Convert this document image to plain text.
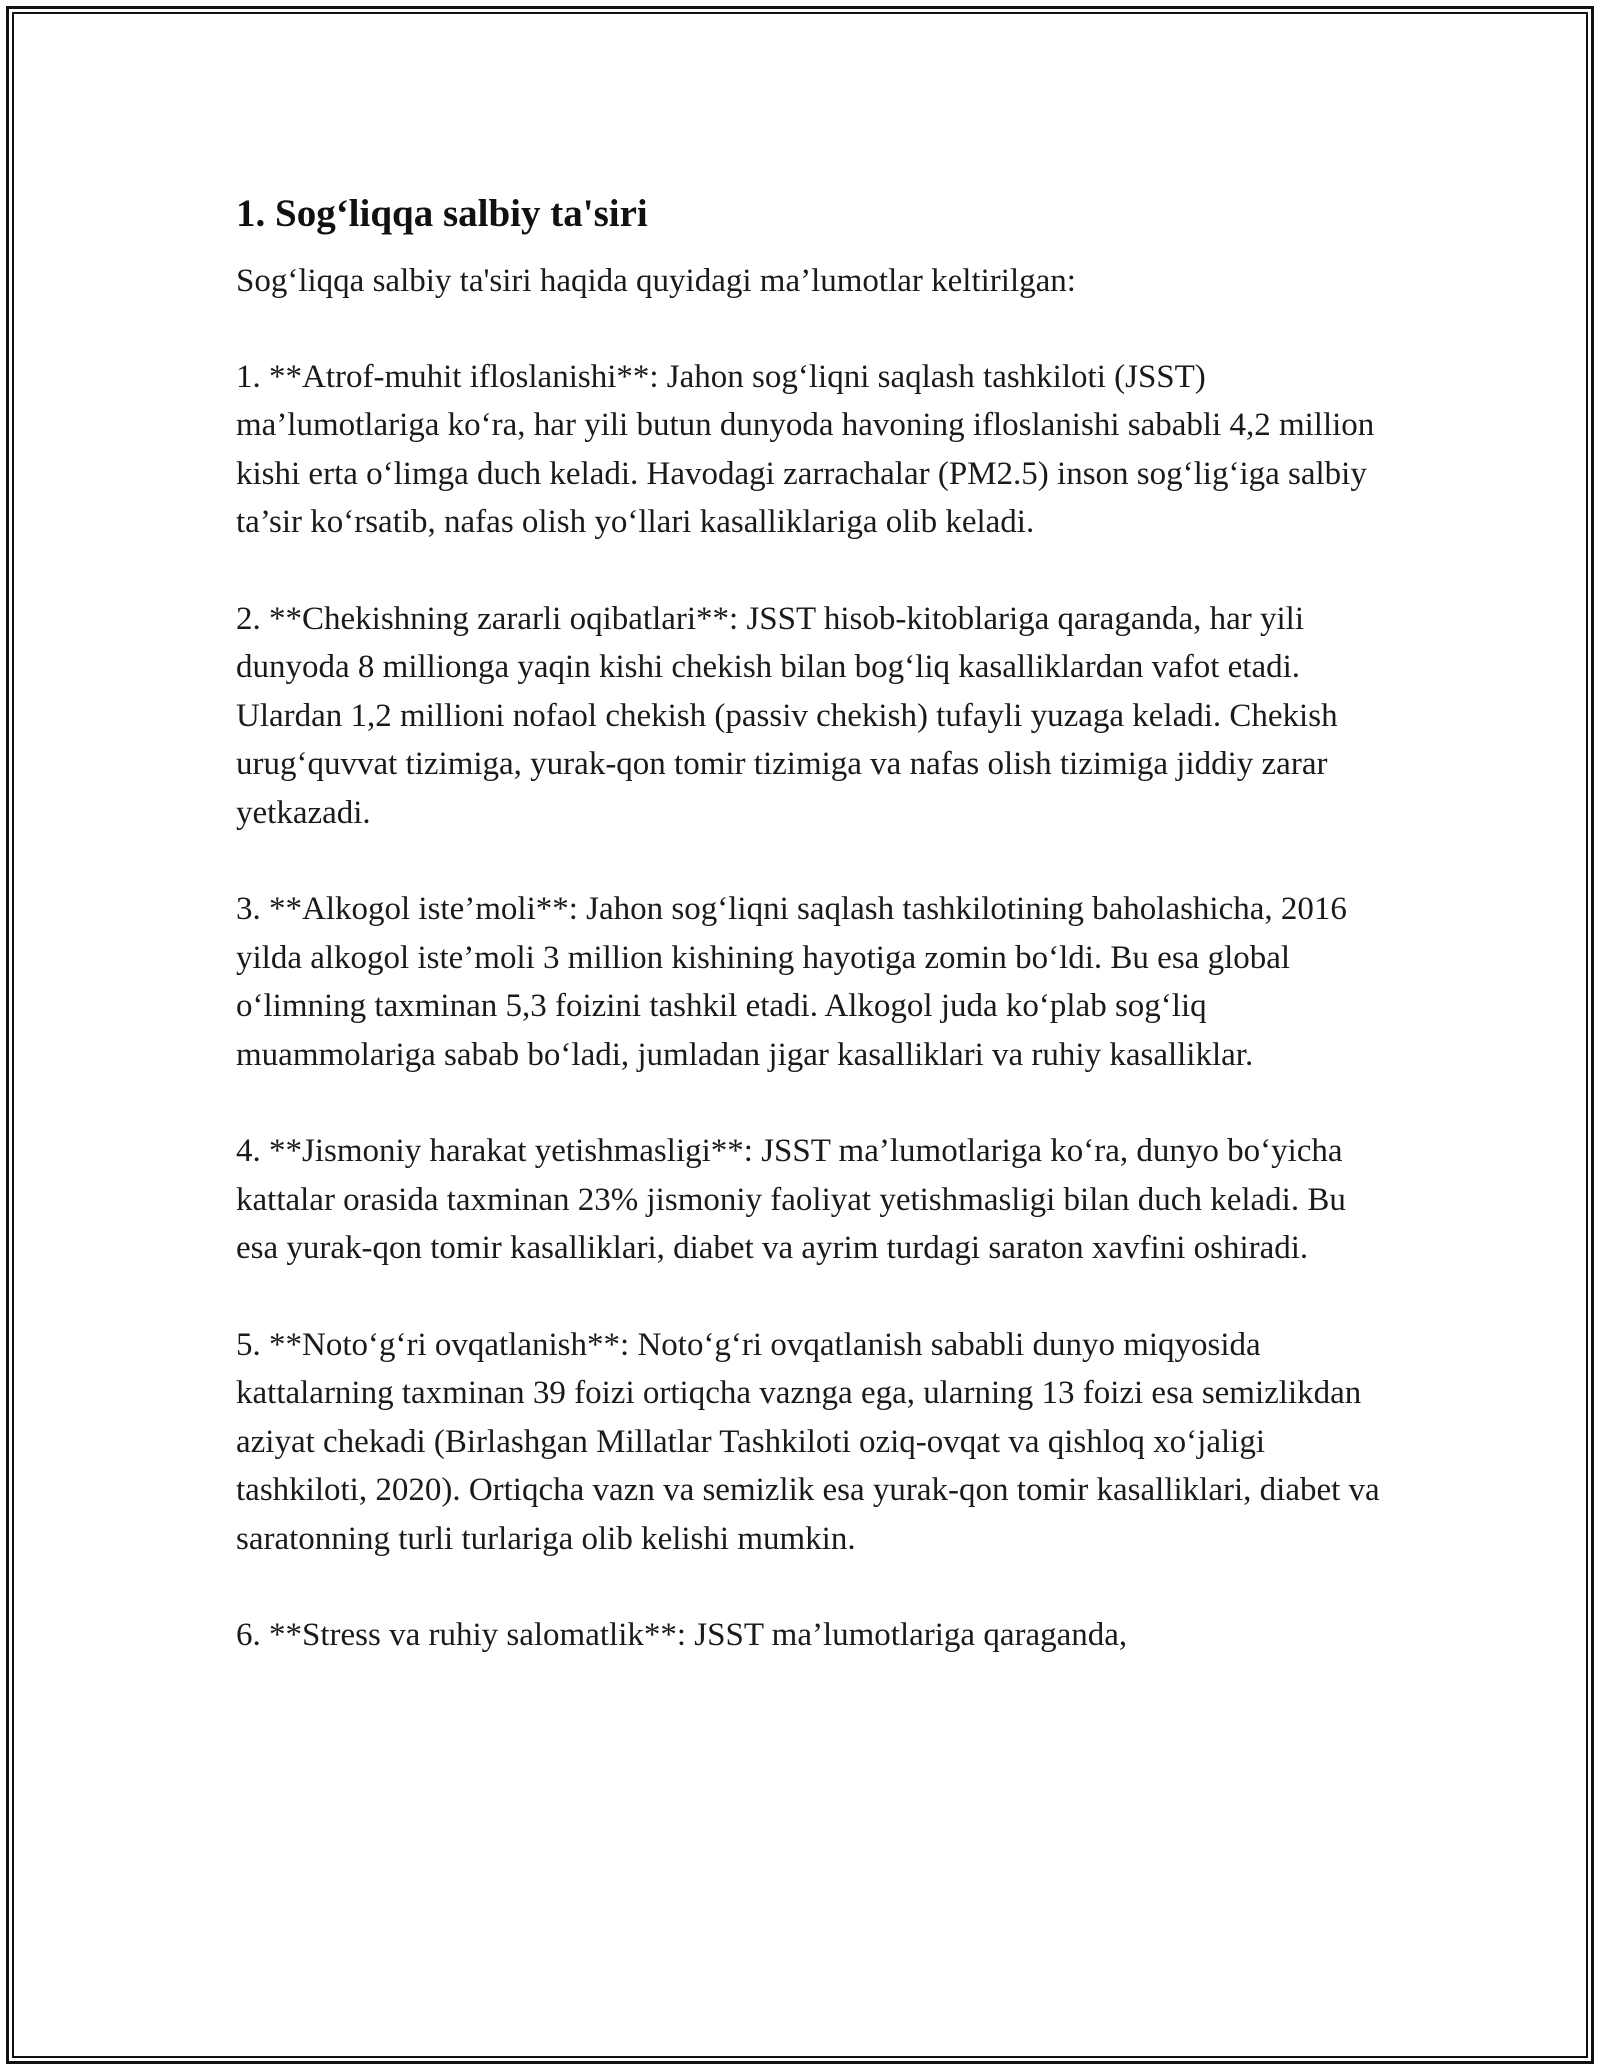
1. Sog‘liqqa salbiy ta'siri
Sog‘liqqa salbiy ta'siri haqida quyidagi ma’lumotlar keltirilgan:
1. **Atrof-muhit ifloslanishi**: Jahon sog‘liqni saqlash tashkiloti (JSST) ma’lumotlariga ko‘ra, har yili butun dunyoda havoning ifloslanishi sababli 4,2 million kishi erta o‘limga duch keladi. Havodagi zarrachalar (PM2.5) inson sog‘lig‘iga salbiy ta’sir ko‘rsatib, nafas olish yo‘llari kasalliklariga olib keladi.
2. **Chekishning zararli oqibatlari**: JSST hisob-kitoblariga qaraganda, har yili dunyoda 8 millionga yaqin kishi chekish bilan bog‘liq kasalliklardan vafot etadi. Ulardan 1,2 millioni nofaol chekish (passiv chekish) tufayli yuzaga keladi. Chekish urug‘quvvat tizimiga, yurak-qon tomir tizimiga va nafas olish tizimiga jiddiy zarar yetkazadi.
3. **Alkogol iste’moli**: Jahon sog‘liqni saqlash tashkilotining baholashicha, 2016 yilda alkogol iste’moli 3 million kishining hayotiga zomin bo‘ldi. Bu esa global o‘limning taxminan 5,3 foizini tashkil etadi. Alkogol juda ko‘plab sog‘liq muammolariga sabab bo‘ladi, jumladan jigar kasalliklari va ruhiy kasalliklar.
4. **Jismoniy harakat yetishmasligi**: JSST ma’lumotlariga ko‘ra, dunyo bo‘yicha kattalar orasida taxminan 23% jismoniy faoliyat yetishmasligi bilan duch keladi. Bu esa yurak-qon tomir kasalliklari, diabet va ayrim turdagi saraton xavfini oshiradi.
5. **Noto‘g‘ri ovqatlanish**: Noto‘g‘ri ovqatlanish sababli dunyo miqyosida kattalarning taxminan 39 foizi ortiqcha vaznga ega, ularning 13 foizi esa semizlikdan aziyat chekadi (Birlashgan Millatlar Tashkiloti oziq-ovqat va qishloq xo‘jaligi tashkiloti, 2020). Ortiqcha vazn va semizlik esa yurak-qon tomir kasalliklari, diabet va saratonning turli turlariga olib kelishi mumkin.
6. **Stress va ruhiy salomatlik**: JSST ma’lumotlariga qaraganda,
